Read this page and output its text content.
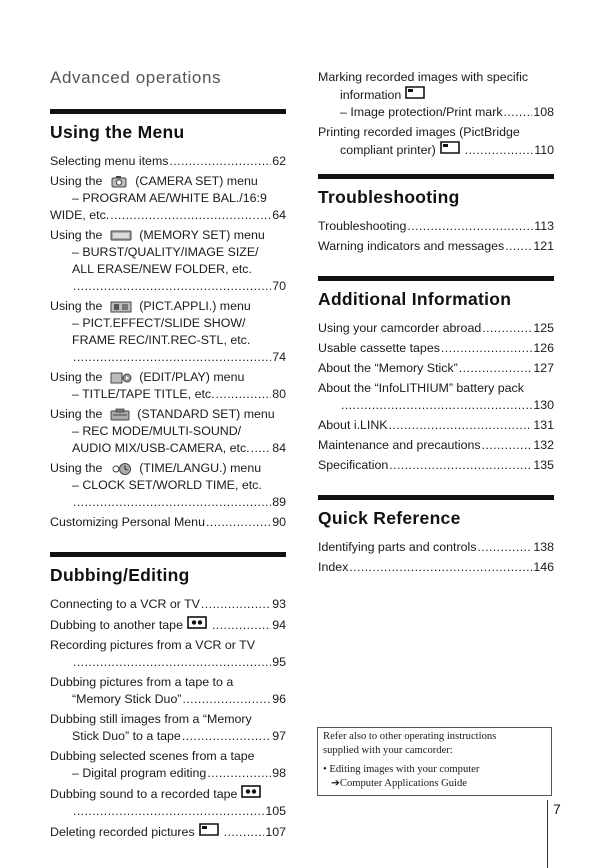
Advanced operations
Using the Menu
Selecting menu items .....	62
Using the
(CAMERA SET) menu
– PROGRAM AE/WHITE BAL./16:9
WIDE, etc. .....	64
Using the
(MEMORY SET) menu
– BURST/QUALITY/IMAGE SIZE/
ALL ERASE/NEW FOLDER, etc.
.....
70
Using the
(PICT.APPLI.) menu
– PICT.EFFECT/SLIDE SHOW/
FRAME REC/INT.REC-STL, etc.
.....
74
Using the
(EDIT/PLAY) menu
– TITLE/TAPE TITLE, etc. .....	80
Using the
(STANDARD SET) menu
– REC MODE/MULTI-SOUND/
AUDIO MIX/USB-CAMERA, etc. ..... 84
Using the
(TIME/LANGU.) menu
– CLOCK SET/WORLD TIME, etc.
.....
89
Customizing Personal Menu .....	90
Dubbing/Editing
Connecting to a VCR or TV .....	93
Dubbing to another tape .....	94
Recording pictures from a VCR or TV
.....
95
Dubbing pictures from a tape to a
“Memory Stick Duo” .....	96
Dubbing still images from a “Memory
Stick Duo” to a tape .....	97
Dubbing selected scenes from a tape
– Digital program editing .....	98
Dubbing sound to a recorded tape
.....
105
Deleting recorded pictures .....	107
Marking recorded images with specific
information
– Image protection/Print mark ..... 108
Printing recorded images (PictBridge
compliant printer) .....	110
Troubleshooting
Troubleshooting .....	113
Warning indicators and messages ..... 121
Additional Information
Using your camcorder abroad .....	125
Usable cassette tapes .....	126
About the “Memory Stick” .....	127
About the “InfoLITHIUM” battery pack
.....
130
About i.LINK .....	131
Maintenance and precautions .....	132
Specification .....	135
Quick Reference
Identifying parts and controls .....	138
Index .....	146
Refer also to other operating instructions
supplied with your camcorder:
• Editing images with your computer
➔Computer Applications Guide
7
